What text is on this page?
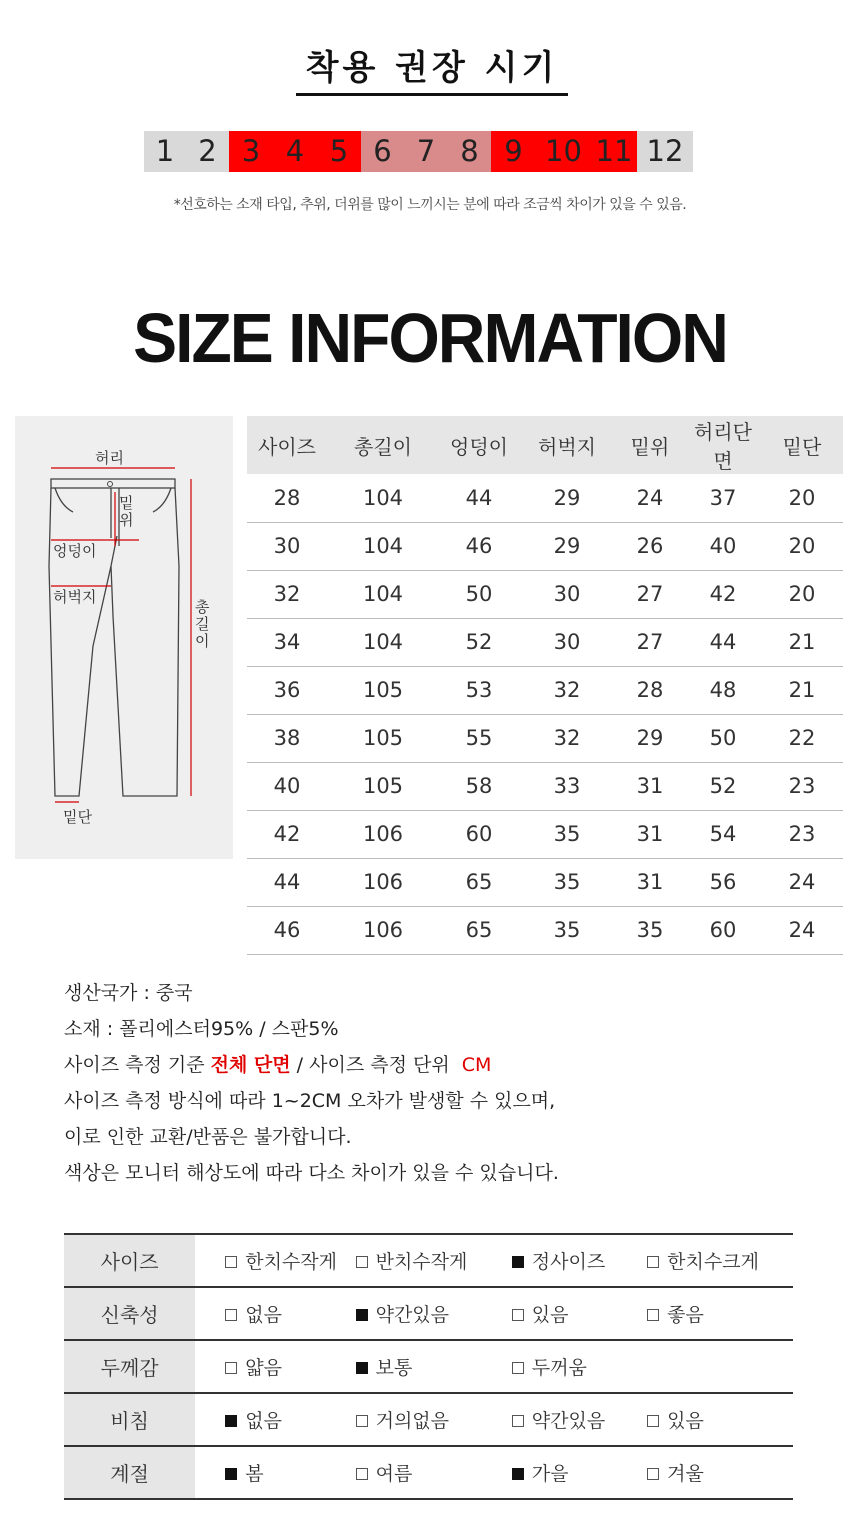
착용 권장 시기
1 2 3 4 5 6 7 8 9 10 11 12
*선호하는 소재 타입, 추위, 더위를 많이 느끼시는 분에 따라 조금씩 차이가 있을 수 있음.
SIZE INFORMATION
허리
밑 위
엉덩이
허벅지
총 길 이
밑단
사이즈	총길이	엉덩이	허벅지	밑위	허리단면	밑단
28	104	44	29	24	37	20
30	104	46	29	26	40	20
32	104	50	30	27	42	20
34	104	52	30	27	44	21
36	105	53	32	28	48	21
38	105	55	32	29	50	22
40	105	58	33	31	52	23
42	106	60	35	31	54	23
44	106	65	35	31	56	24
46	106	65	35	35	60	24
생산국가 : 중국
소재 : 폴리에스터95% / 스판5%
사이즈 측정 기준 전체 단면 / 사이즈 측정 단위  CM
사이즈 측정 방식에 따라 1~2CM 오차가 발생할 수 있으며,
이로 인한 교환/반품은 불가합니다.
색상은 모니터 해상도에 따라 다소 차이가 있을 수 있습니다.
사이즈	한치수작게	반치수작게	정사이즈	한치수크게
신축성	없음	약간있음	있음	좋음
두께감	얇음	보통	두꺼움	
비침	없음	거의없음	약간있음	있음
계절	봄	여름	가을	겨울
